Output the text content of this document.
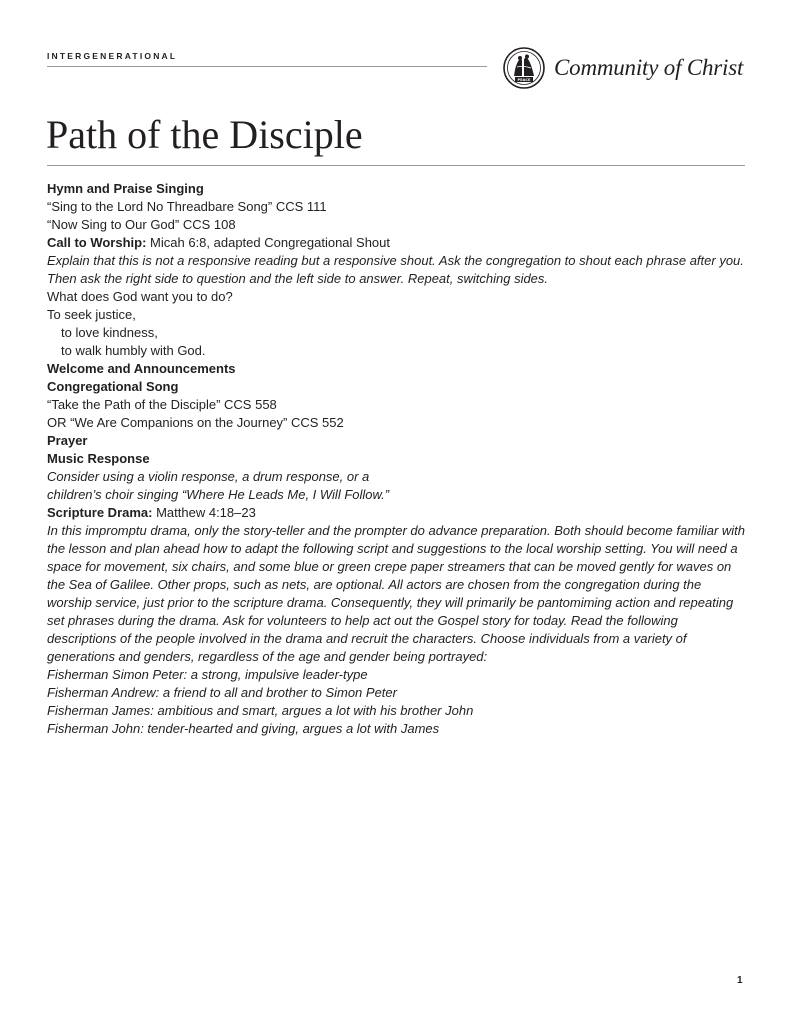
INTERGENERATIONAL
PEACE Community of Christ
Path of the Disciple

Hymn and Praise Singing

“Sing to the Lord No Threadbare Song” CCS 111

“Now Sing to Our God” CCS 108

Call to Worship: Micah 6:8, adapted Congregational Shout

Explain that this is not a responsive reading but a responsive shout. Ask the congregation to shout each phrase after you. Then ask the right side to question and the left side to answer. Repeat, switching sides.

What does God want you to do?

To seek justice,

to love kindness,
to walk humbly with God.

Welcome and Announcements

Congregational Song

“Take the Path of the Disciple” CCS 558
OR “We Are Companions on the Journey” CCS 552

Prayer

Music Response

Consider using a violin response, a drum response, or a
children’s choir singing “Where He Leads Me, I Will Follow.”

Scripture Drama: Matthew 4:18–23

In this impromptu drama, only the story-teller and the prompter do advance preparation. Both should become familiar with the lesson and plan ahead how to adapt the following script and suggestions to the local worship setting. You will need a space for movement, six chairs, and some blue or green crepe paper streamers that can be moved gently for waves on the Sea of Galilee. Other props, such as nets, are optional. All actors are chosen from the congregation during the worship service, just prior to the scripture drama. Consequently, they will primarily be pantomiming action and repeating set phrases during the drama. Ask for volunteers to help act out the Gospel story for today. Read the following descriptions of the people involved in the drama and recruit the characters. Choose individuals from a variety of generations and genders, regardless of the age and gender being portrayed:

Fisherman Simon Peter: a strong, impulsive leader-type

Fisherman Andrew: a friend to all and brother to Simon Peter

Fisherman James: ambitious and smart, argues a lot with his brother John

Fisherman John: tender-hearted and giving, argues a lot with James

1
